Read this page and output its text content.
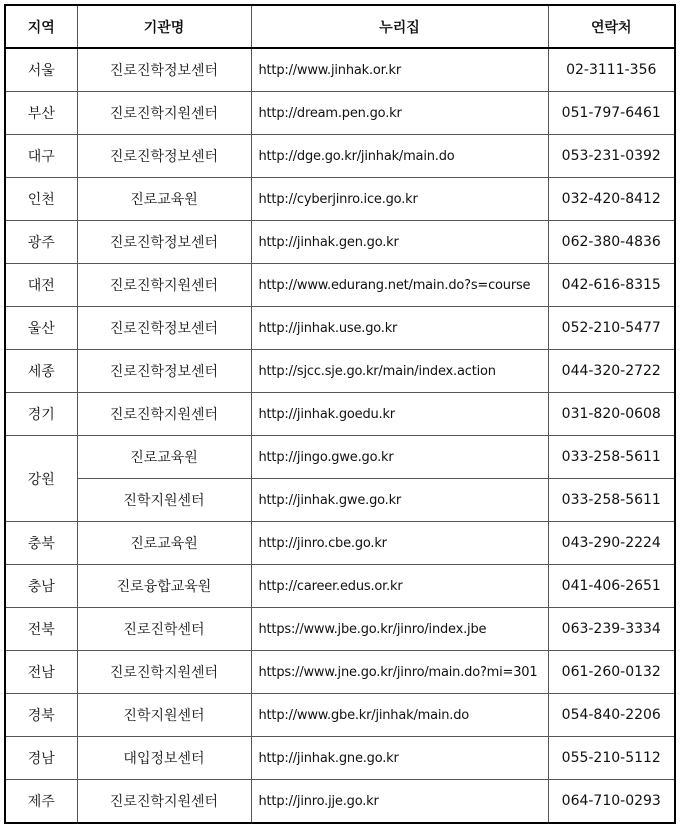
지역	기관명	누리집	연락처
서울	진로진학정보센터	http://www.jinhak.or.kr	02-3111-356
부산	진로진학지원센터	http://dream.pen.go.kr	051-797-6461
대구	진로진학정보센터	http://dge.go.kr/jinhak/main.do	053-231-0392
인천	진로교육원	http://cyberjinro.ice.go.kr	032-420-8412
광주	진로진학정보센터	http://jinhak.gen.go.kr	062-380-4836
대전	진로진학지원센터	http://www.edurang.net/main.do?s=course	042-616-8315
울산	진로진학정보센터	http://jinhak.use.go.kr	052-210-5477
세종	진로진학정보센터	http://sjcc.sje.go.kr/main/index.action	044-320-2722
경기	진로진학지원센터	http://jinhak.goedu.kr	031-820-0608
강원	진로교육원	http://jingo.gwe.go.kr	033-258-5611
	진학지원센터	http://jinhak.gwe.go.kr	033-258-5611
충북	진로교육원	http://jinro.cbe.go.kr	043-290-2224
충남	진로융합교육원	http://career.edus.or.kr	041-406-2651
전북	진로진학센터	https://www.jbe.go.kr/jinro/index.jbe	063-239-3334
전남	진로진학지원센터	https://www.jne.go.kr/jinro/main.do?mi=301	061-260-0132
경북	진학지원센터	http://www.gbe.kr/jinhak/main.do	054-840-2206
경남	대입정보센터	http://jinhak.gne.go.kr	055-210-5112
제주	진로진학지원센터	http://jinro.jje.go.kr	064-710-0293
